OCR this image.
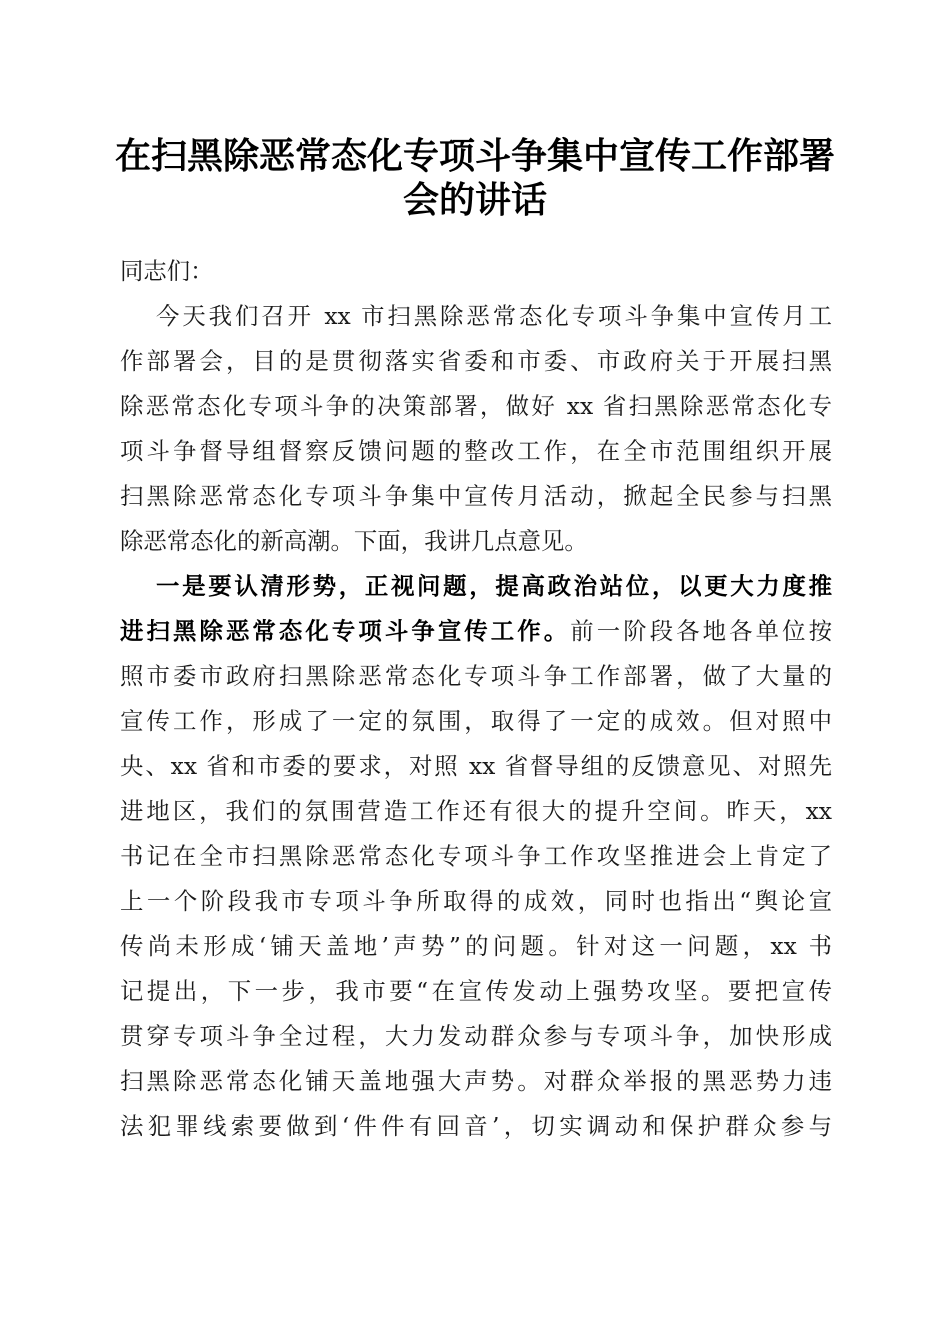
在扫黑除恶常态化专项斗争集中宣传工作部署
会的讲话
同志们：
今天我们召开 xx 市扫黑除恶常态化专项斗争集中宣传月工
作部署会，目的是贯彻落实省委和市委、市政府关于开展扫黑
除恶常态化专项斗争的决策部署，做好 xx 省扫黑除恶常态化专
项斗争督导组督察反馈问题的整改工作，在全市范围组织开展
扫黑除恶常态化专项斗争集中宣传月活动，掀起全民参与扫黑
除恶常态化的新高潮。下面，我讲几点意见。
一是要认清形势，正视问题，提高政治站位，以更大力度推
进扫黑除恶常态化专项斗争宣传工作。前一阶段各地各单位按
照市委市政府扫黑除恶常态化专项斗争工作部署，做了大量的
宣传工作，形成了一定的氛围，取得了一定的成效。但对照中
央、xx 省和市委的要求，对照 xx 省督导组的反馈意见、对照先
进地区，我们的氛围营造工作还有很大的提升空间。昨天，xx
书记在全市扫黑除恶常态化专项斗争工作攻坚推进会上肯定了
上一个阶段我市专项斗争所取得的成效，同时也指出“舆论宣
传尚未形成‘铺天盖地’声势”的问题。针对这一问题，xx 书
记提出，下一步，我市要“在宣传发动上强势攻坚。要把宣传
贯穿专项斗争全过程，大力发动群众参与专项斗争，加快形成
扫黑除恶常态化铺天盖地强大声势。对群众举报的黑恶势力违
法犯罪线索要做到‘件件有回音’，切实调动和保护群众参与
